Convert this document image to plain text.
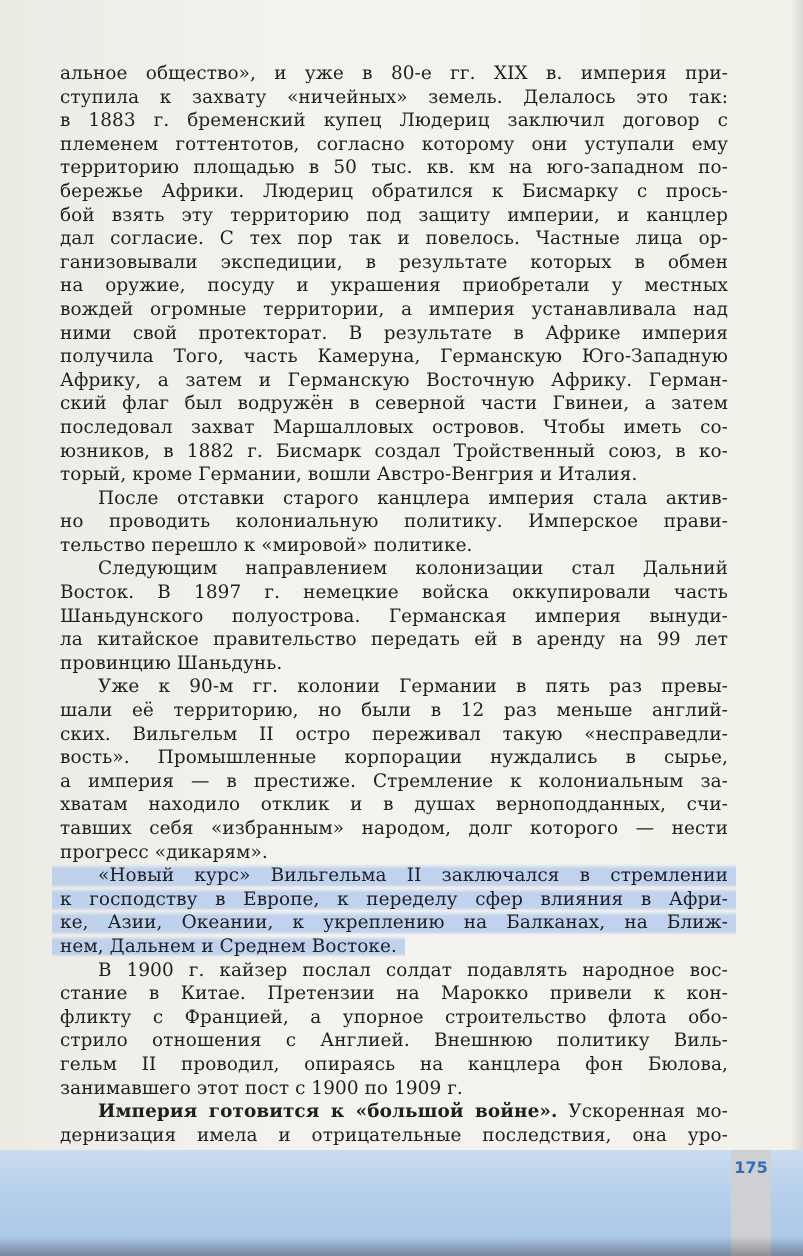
альное общество», и уже в 80-е гг. XIX в. империя при-
ступила к захвату «ничейных» земель. Делалось это так:
в 1883 г. бременский купец Людериц заключил договор с
племенем готтентотов, согласно которому они уступали ему
территорию площадью в 50 тыс. кв. км на юго-западном по-
бережье Африки. Людериц обратился к Бисмарку с прось-
бой взять эту территорию под защиту империи, и канцлер
дал согласие. С тех пор так и повелось. Частные лица ор-
ганизовывали экспедиции, в результате которых в обмен
на оружие, посуду и украшения приобретали у местных
вождей огромные территории, а империя устанавливала над
ними свой протекторат. В результате в Африке империя
получила Того, часть Камеруна, Германскую Юго-Западную
Африку, а затем и Германскую Восточную Африку. Герман-
ский флаг был водружён в северной части Гвинеи, а затем
последовал захват Маршалловых островов. Чтобы иметь со-
юзников, в 1882 г. Бисмарк создал Тройственный союз, в ко-
торый, кроме Германии, вошли Австро-Венгрия и Италия.
После отставки старого канцлера империя стала актив-
но проводить колониальную политику. Имперское прави-
тельство перешло к «мировой» политике.
Следующим направлением колонизации стал Дальний
Восток. В 1897 г. немецкие войска оккупировали часть
Шаньдунского полуострова. Германская империя вынуди-
ла китайское правительство передать ей в аренду на 99 лет
провинцию Шаньдунь.
Уже к 90-м гг. колонии Германии в пять раз превы-
шали её территорию, но были в 12 раз меньше англий-
ских. Вильгельм II остро переживал такую «несправедли-
вость». Промышленные корпорации нуждались в сырье,
а империя — в престиже. Стремление к колониальным за-
хватам находило отклик и в душах верноподданных, счи-
тавших себя «избранным» народом, долг которого — нести
прогресс «дикарям».
«Новый курс» Вильгельма II заключался в стремлении
к господству в Европе, к переделу сфер влияния в Афри-
ке, Азии, Океании, к укреплению на Балканах, на Ближ-
нем, Дальнем и Среднем Востоке.
В 1900 г. кайзер послал солдат подавлять народное вос-
стание в Китае. Претензии на Марокко привели к кон-
фликту с Францией, а упорное строительство флота обо-
стрило отношения с Англией. Внешнюю политику Виль-
гельм II проводил, опираясь на канцлера фон Бюлова,
занимавшего этот пост с 1900 по 1909 г.
Империя готовится к «большой войне». Ускоренная мо-
дернизация имела и отрицательные последствия, она уро-
175
